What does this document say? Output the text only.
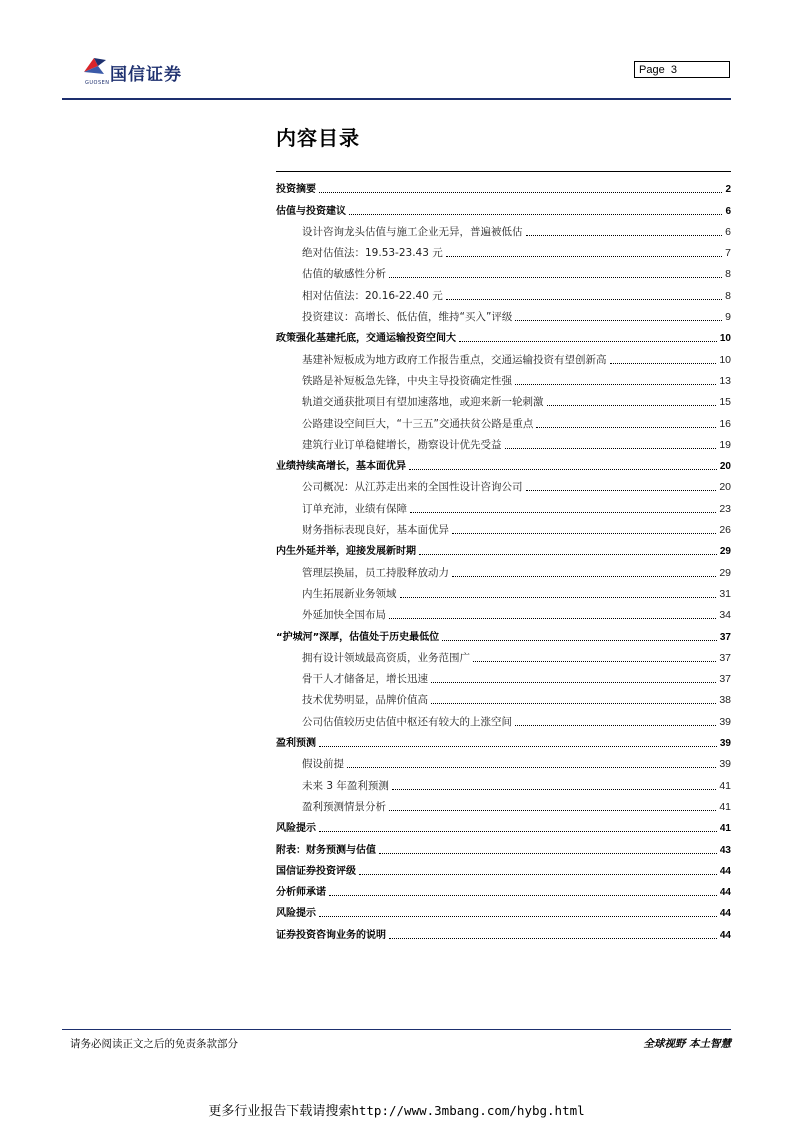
国信证券
GUOSEN
Page 3
内容目录
投资摘要	2
估值与投资建议	6
设计咨询龙头估值与施工企业无异，普遍被低估	6
绝对估值法：19.53-23.43 元	7
估值的敏感性分析	8
相对估值法：20.16-22.40 元	8
投资建议：高增长、低估值，维持“买入”评级	9
政策强化基建托底，交通运输投资空间大	10
基建补短板成为地方政府工作报告重点，交通运输投资有望创新高	10
铁路是补短板急先锋，中央主导投资确定性强	13
轨道交通获批项目有望加速落地，或迎来新一轮刺激	15
公路建设空间巨大，“十三五”交通扶贫公路是重点	16
建筑行业订单稳健增长，勘察设计优先受益	19
业绩持续高增长，基本面优异	20
公司概况：从江苏走出来的全国性设计咨询公司	20
订单充沛，业绩有保障	23
财务指标表现良好，基本面优异	26
内生外延并举，迎接发展新时期	29
管理层换届，员工持股释放动力	29
内生拓展新业务领域	31
外延加快全国布局	34
“护城河”深厚，估值处于历史最低位	37
拥有设计领域最高资质，业务范围广	37
骨干人才储备足，增长迅速	37
技术优势明显，品牌价值高	38
公司估值较历史估值中枢还有较大的上涨空间	39
盈利预测	39
假设前提	39
未来 3 年盈利预测	41
盈利预测情景分析	41
风险提示	41
附表：财务预测与估值	43
国信证券投资评级	44
分析师承诺	44
风险提示	44
证券投资咨询业务的说明	44
请务必阅读正文之后的免责条款部分	全球视野 本土智慧
更多行业报告下载请搜索http://www.3mbang.com/hybg.html
